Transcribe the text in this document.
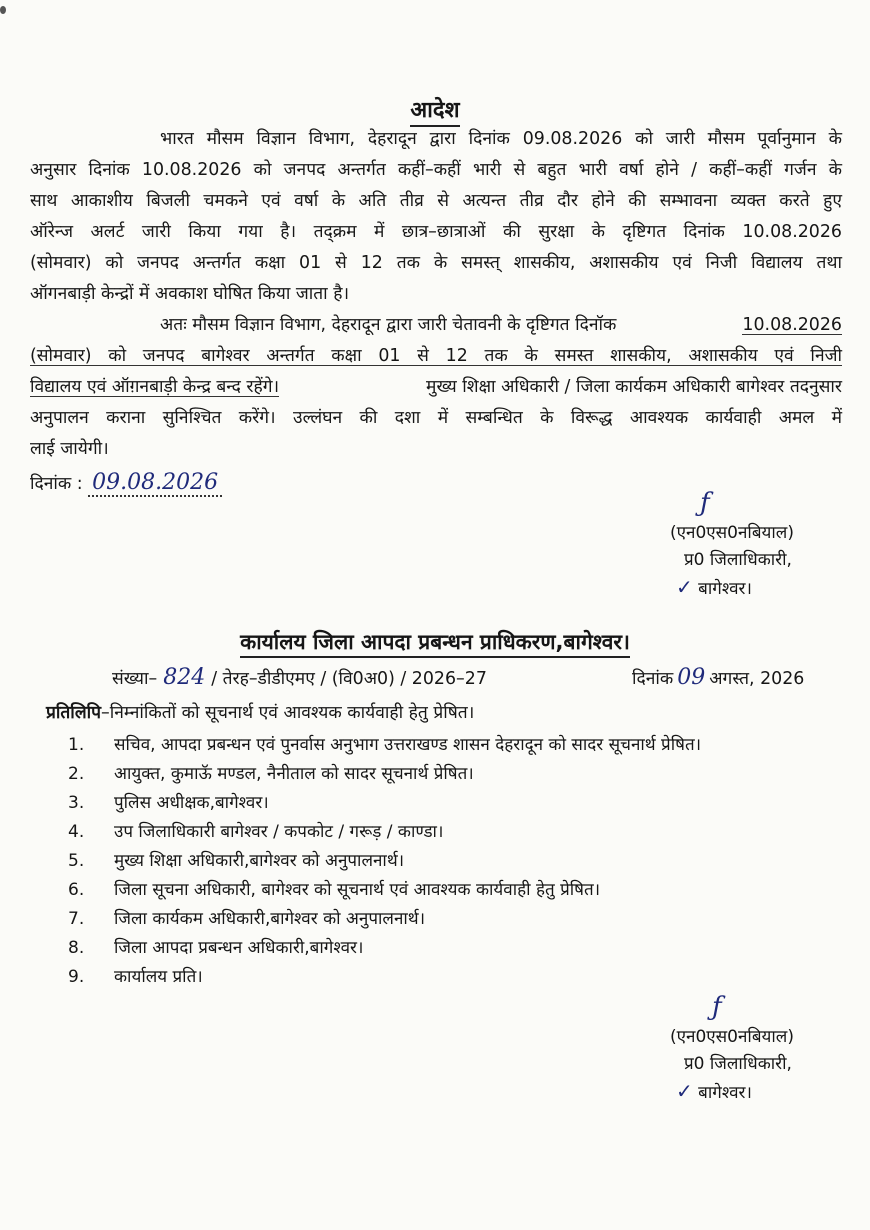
आदेश
भारत मौसम विज्ञान विभाग, देहरादून द्वारा दिनांक 09.08.2026 को जारी मौसम पूर्वानुमान के
अनुसार दिनांक 10.08.2026 को जनपद अन्तर्गत कहीं–कहीं भारी से बहुत भारी वर्षा होने / कहीं–कहीं गर्जन के
साथ आकाशीय बिजली चमकने एवं वर्षा के अति तीव्र से अत्यन्त तीव्र दौर होने की सम्भावना व्यक्त करते हुए
ऑरेन्ज अलर्ट जारी किया गया है। तद्क्रम में छात्र–छात्राओं की सुरक्षा के दृष्टिगत दिनांक 10.08.2026
(सोमवार) को जनपद अन्तर्गत कक्षा 01 से 12 तक के समस्त् शासकीय, अशासकीय एवं निजी विद्यालय तथा
ऑगनबाड़ी केन्द्रों में अवकाश घोषित किया जाता है।
अतः मौसम विज्ञान विभाग, देहरादून द्वारा जारी चेतावनी के दृष्टिगत दिनॉक	10.08.2026
(सोमवार) को जनपद बागेश्वर अन्तर्गत कक्षा 01 से 12 तक के समस्त शासकीय, अशासकीय एवं निजी
विद्यालय एवं ऑग़नबाड़ी केन्द्र बन्द रहेंगे।	मुख्य शिक्षा अधिकारी / जिला कार्यकम अधिकारी बागेश्वर तदनुसार
अनुपालन कराना सुनिश्चित करेंगे। उल्लंघन की दशा में सम्बन्धित के विरूद्ध आवश्यक कार्यवाही अमल में
लाई जायेगी।
दिनांक : 09.08.2026
(एन0एस0नबियाल)
प्र0 जिलाधिकारी,
✓ बागेश्वर।
ƒ
कार्यालय जिला आपदा प्रबन्धन प्राधिकरण,बागेश्वर।
संख्या– 824 / तेरह–डीडीएमए / (वि0अ0) / 2026–27	दिनांक 09 अगस्त, 2026
प्रतिलिपि–निम्नांकितों को सूचनार्थ एवं आवश्यक कार्यवाही हेतु प्रेषित।
1. सचिव, आपदा प्रबन्धन एवं पुनर्वास अनुभाग उत्तराखण्ड शासन देहरादून को सादर सूचनार्थ प्रेषित।
2. आयुक्त, कुमाऊॅ मण्डल, नैनीताल को सादर सूचनार्थ प्रेषित।
3. पुलिस अधीक्षक,बागेश्वर।
4. उप जिलाधिकारी बागेश्वर / कपकोट / गरूड़ / काण्डा।
5. मुख्य शिक्षा अधिकारी,बागेश्वर को अनुपालनार्थ।
6. जिला सूचना अधिकारी, बागेश्वर को सूचनार्थ एवं आवश्यक कार्यवाही हेतु प्रेषित।
7. जिला कार्यकम अधिकारी,बागेश्वर को अनुपालनार्थ।
8. जिला आपदा प्रबन्धन अधिकारी,बागेश्वर।
9. कार्यालय प्रति।
(एन0एस0नबियाल)
प्र0 जिलाधिकारी,
✓ बागेश्वर।
ƒ
